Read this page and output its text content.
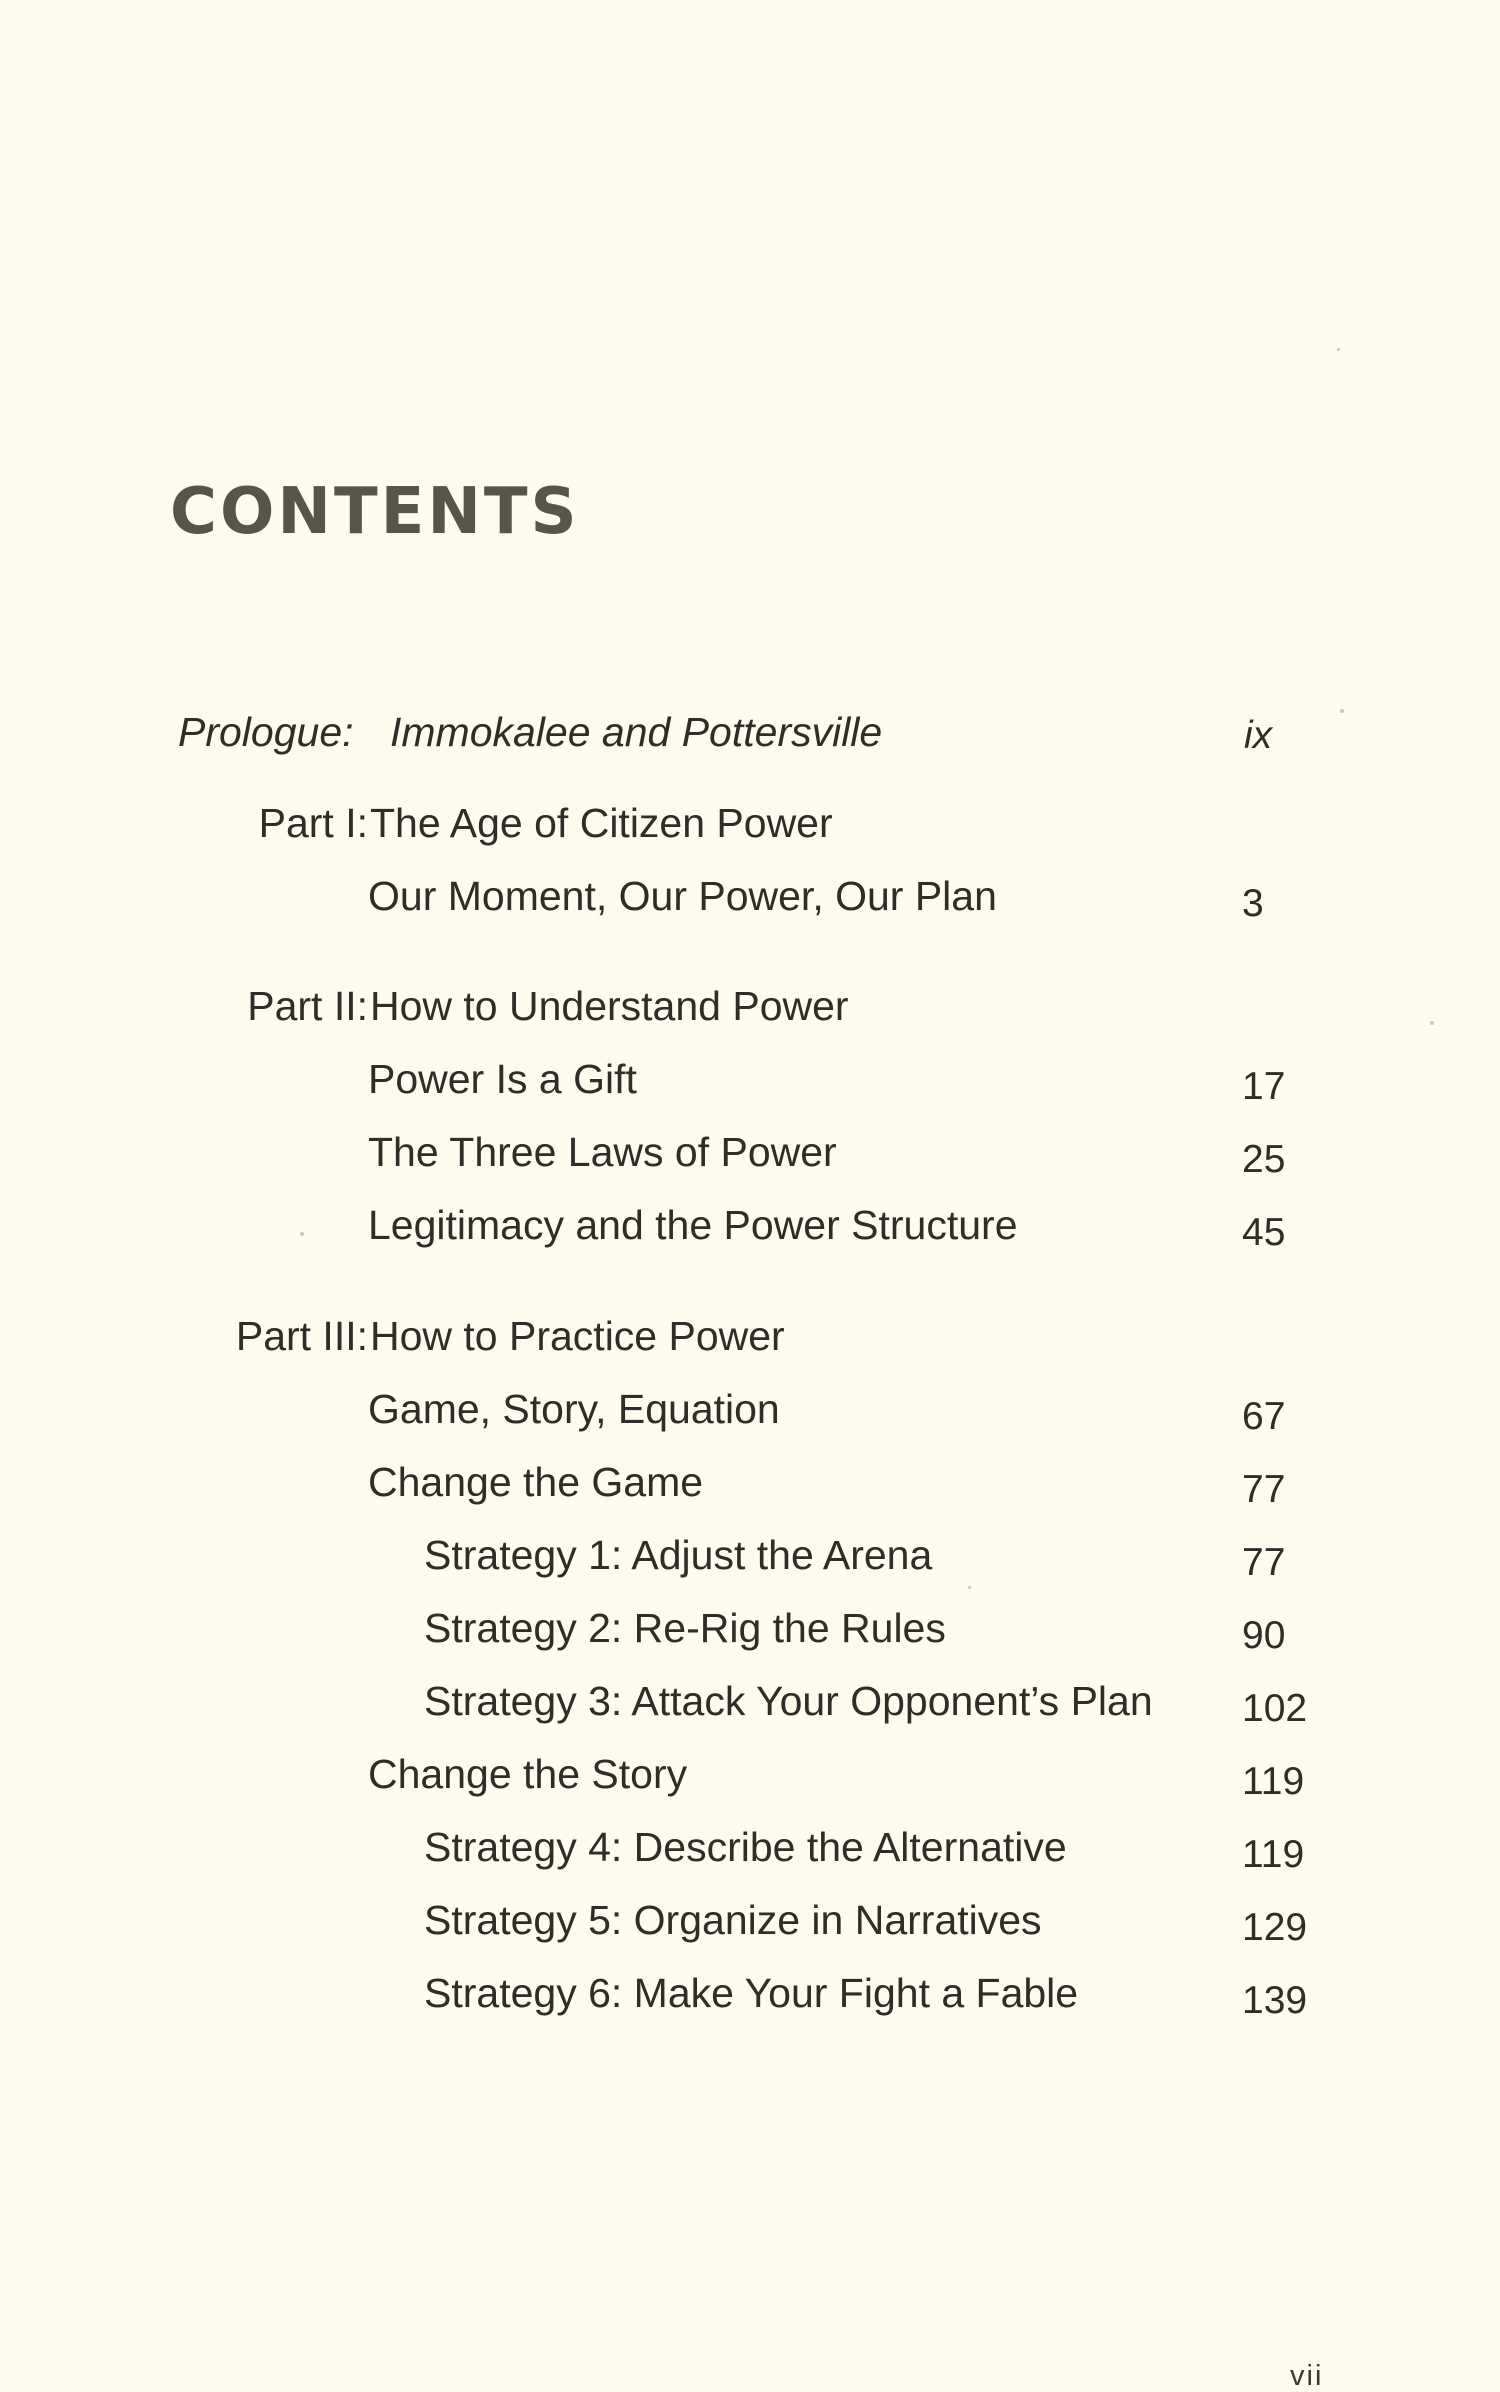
CONTENTS
Prologue: Immokalee and Pottersville	ix
Part I: The Age of Citizen Power
Our Moment, Our Power, Our Plan	3
Part II: How to Understand Power
Power Is a Gift	17
The Three Laws of Power	25
Legitimacy and the Power Structure	45
Part III: How to Practice Power
Game, Story, Equation	67
Change the Game	77
Strategy 1: Adjust the Arena	77
Strategy 2: Re-Rig the Rules	90
Strategy 3: Attack Your Opponent’s Plan 102
Change the Story	119
Strategy 4: Describe the Alternative	119
Strategy 5: Organize in Narratives	129
Strategy 6: Make Your Fight a Fable	139
vii
